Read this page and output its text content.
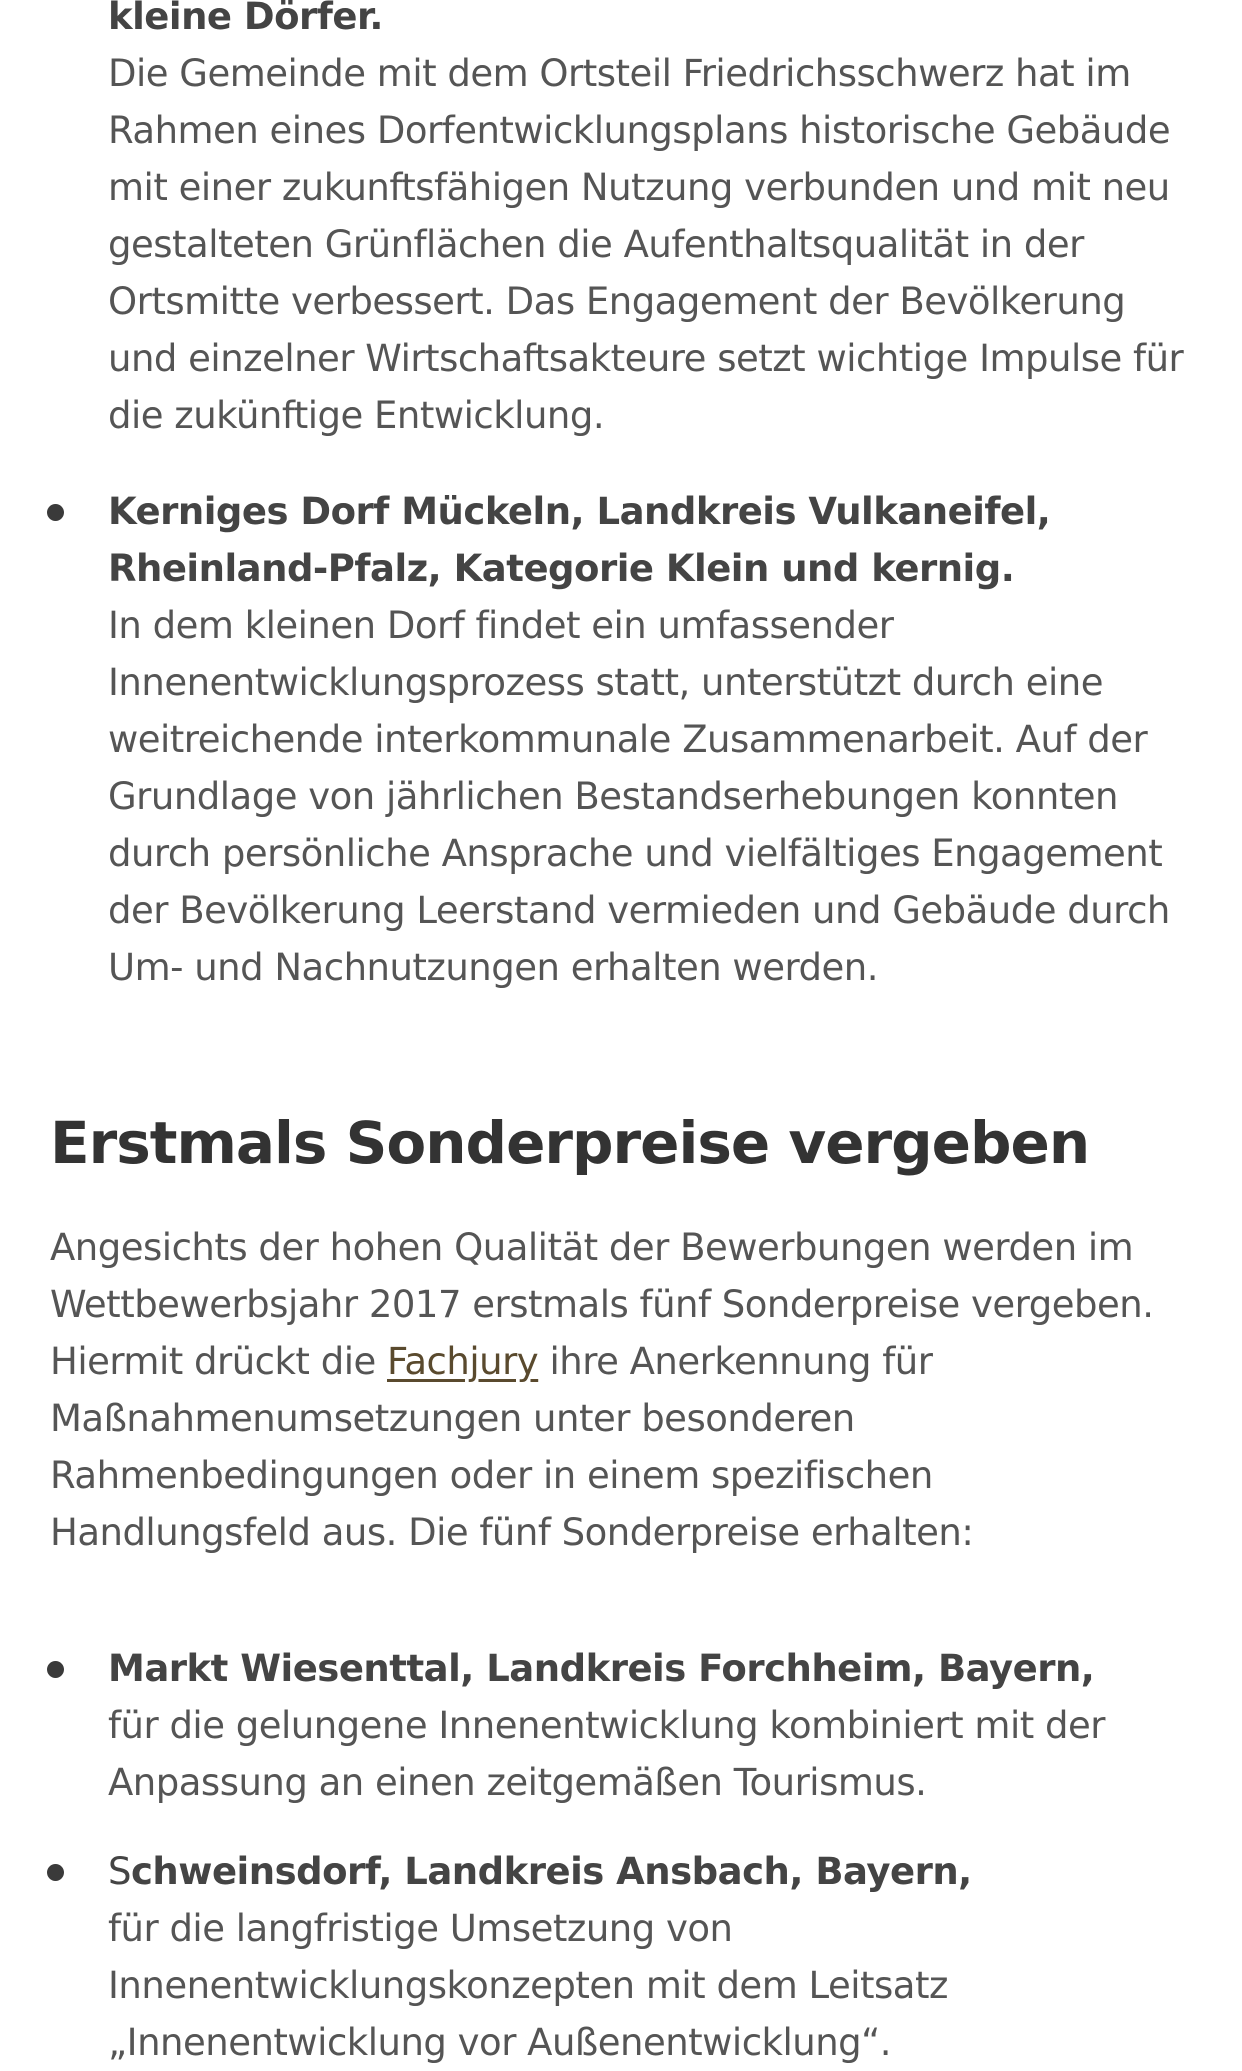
kleine Dörfer.
Die Gemeinde mit dem Ortsteil Friedrichsschwerz hat im Rahmen eines Dorfentwicklungsplans historische Gebäude mit einer zukunftsfähigen Nutzung verbunden und mit neu gestalteten Grünflächen die Aufenthaltsqualität in der Ortsmitte verbessert. Das Engagement der Bevölkerung und einzelner Wirtschaftsakteure setzt wichtige Impulse für die zukünftige Entwicklung.
Kerniges Dorf Mückeln, Landkreis Vulkaneifel, Rheinland-Pfalz, Kategorie Klein und kernig.
In dem kleinen Dorf findet ein umfassender Innenentwicklungsprozess statt, unterstützt durch eine weitreichende interkommunale Zusammenarbeit. Auf der Grundlage von jährlichen Bestandserhebungen konnten durch persönliche Ansprache und vielfältiges Engagement der Bevölkerung Leerstand vermieden und Gebäude durch Um- und Nachnutzungen erhalten werden.
Erstmals Sonderpreise vergeben

Angesichts der hohen Qualität der Bewerbungen werden im Wettbewerbsjahr 2017 erstmals fünf Sonderpreise vergeben. Hiermit drückt die Fachjury ihre Anerkennung für Maßnahmenumsetzungen unter besonderen Rahmenbedingungen oder in einem spezifischen Handlungsfeld aus. Die fünf Sonderpreise erhalten:

Markt Wiesenttal, Landkreis Forchheim, Bayern,
für die gelungene Innenentwicklung kombiniert mit der Anpassung an einen zeitgemäßen Tourismus.
Schweinsdorf, Landkreis Ansbach, Bayern,
für die langfristige Umsetzung von Innenentwicklungskonzepten mit dem Leitsatz „Innenentwicklung vor Außenentwicklung“.
